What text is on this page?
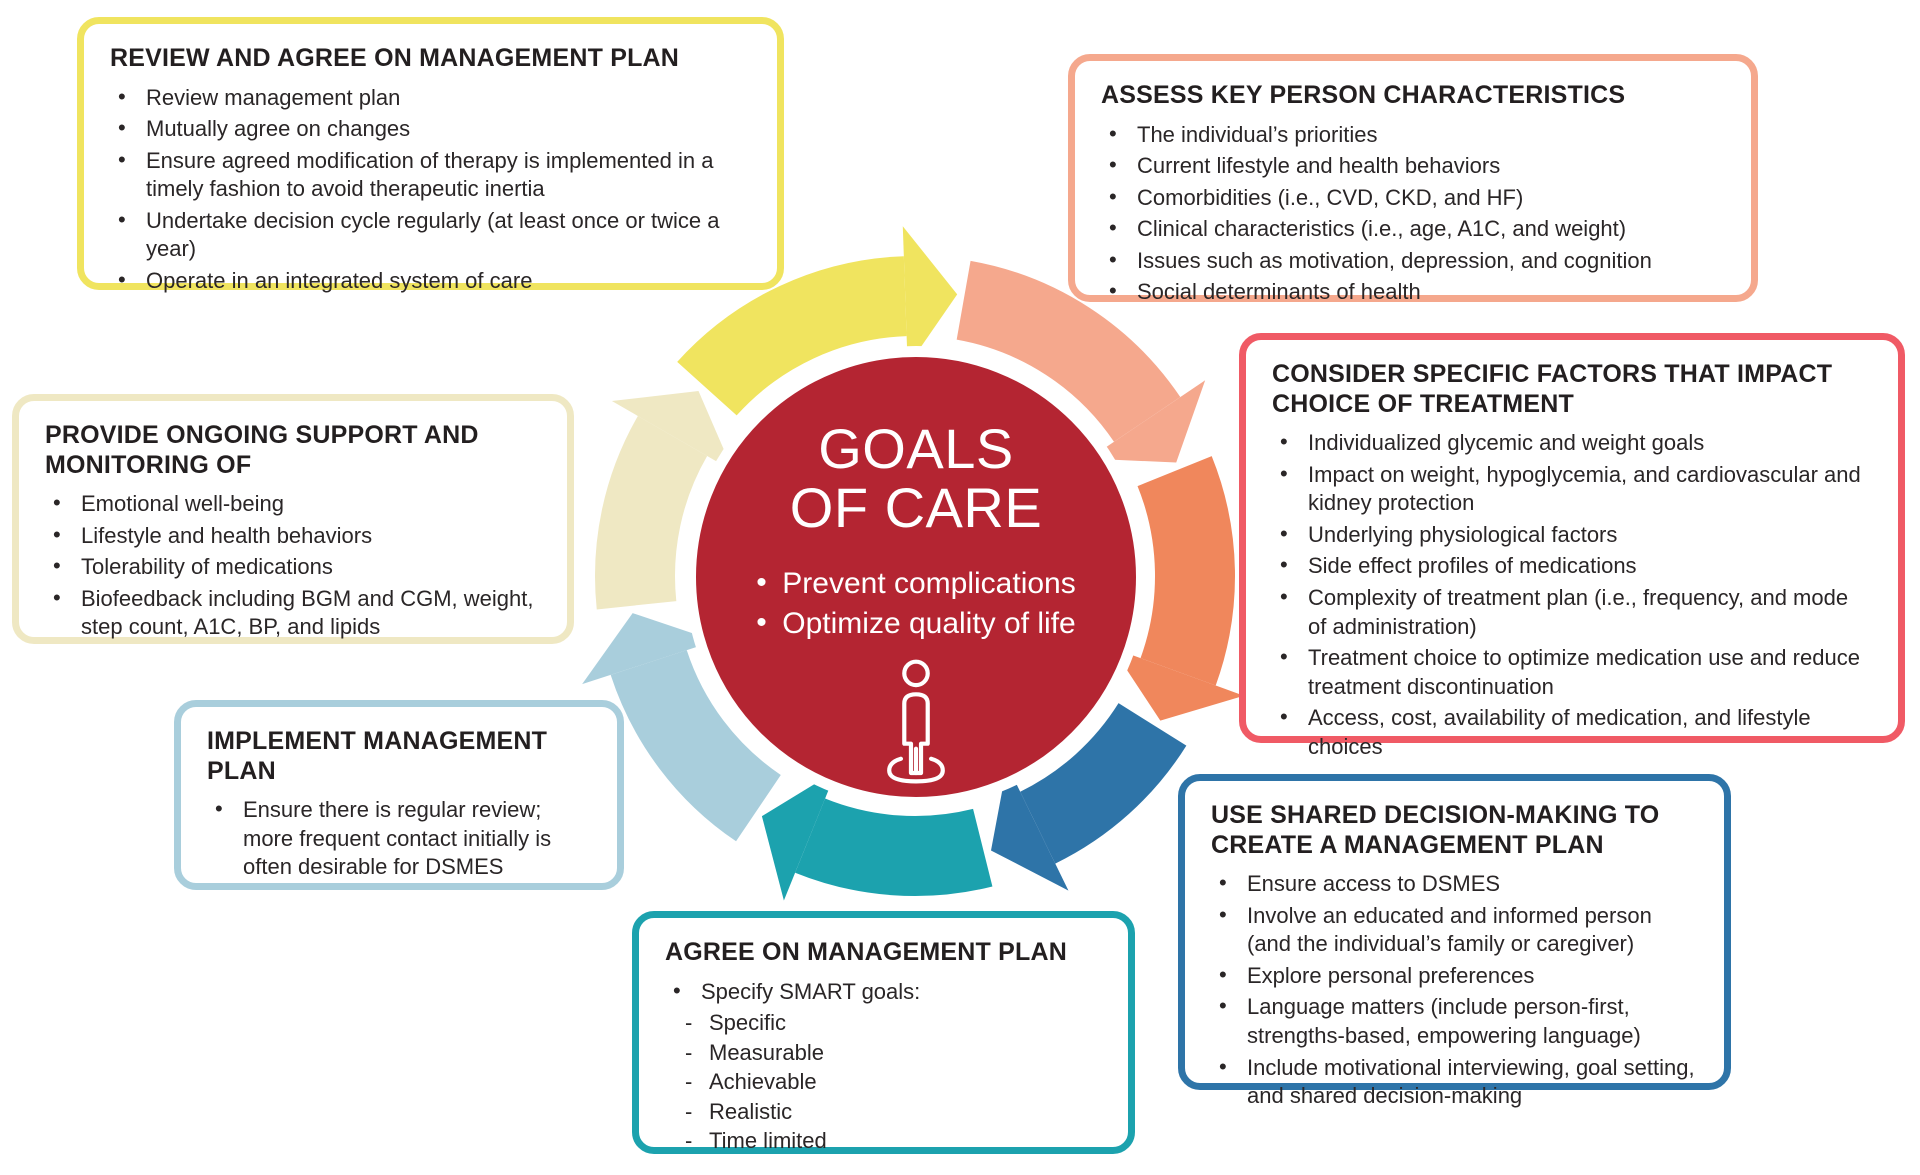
GOALS
OF CARE
• Prevent complications
• Optimize quality of life
REVIEW AND AGREE ON MANAGEMENT PLAN
• Review management plan
• Mutually agree on changes
• Ensure agreed modification of therapy is implemented in a timely fashion to avoid therapeutic inertia
• Undertake decision cycle regularly (at least once or twice a year)
• Operate in an integrated system of care
ASSESS KEY PERSON CHARACTERISTICS
• The individual’s priorities
• Current lifestyle and health behaviors
• Comorbidities (i.e., CVD, CKD, and HF)
• Clinical characteristics (i.e., age, A1C, and weight)
• Issues such as motivation, depression, and cognition
• Social determinants of health
CONSIDER SPECIFIC FACTORS THAT IMPACT CHOICE OF TREATMENT
• Individualized glycemic and weight goals
• Impact on weight, hypoglycemia, and cardiovascular and kidney protection
• Underlying physiological factors
• Side effect profiles of medications
• Complexity of treatment plan (i.e., frequency, and mode of administration)
• Treatment choice to optimize medication use and reduce treatment discontinuation
• Access, cost, availability of medication, and lifestyle choices
USE SHARED DECISION-MAKING TO CREATE A MANAGEMENT PLAN
• Ensure access to DSMES
• Involve an educated and informed person (and the individual’s family or caregiver)
• Explore personal preferences
• Language matters (include person-first, strengths-based, empowering language)
• Include motivational interviewing, goal setting, and shared decision-making
AGREE ON MANAGEMENT PLAN
• Specify SMART goals:
- Specific
- Measurable
- Achievable
- Realistic
- Time limited
IMPLEMENT MANAGEMENT PLAN
• Ensure there is regular review; more frequent contact initially is often desirable for DSMES
PROVIDE ONGOING SUPPORT AND MONITORING OF
• Emotional well-being
• Lifestyle and health behaviors
• Tolerability of medications
• Biofeedback including BGM and CGM, weight, step count, A1C, BP, and lipids
